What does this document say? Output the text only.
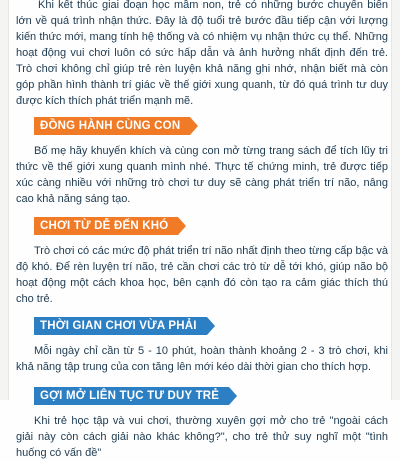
Khi kết thúc giai đoạn học mầm non, trẻ có những bước chuyển biến lớn về quá trình nhận thức. Đây là độ tuổi trẻ bước đầu tiếp cận với lượng kiến thức mới, mang tính hệ thống và có nhiệm vụ nhận thức cụ thể. Những hoạt động vui chơi luôn có sức hấp dẫn và ảnh hưởng nhất định đến trẻ. Trò chơi không chỉ giúp trẻ rèn luyện khả năng ghi nhớ, nhận biết mà còn góp phần hình thành trí giác về thế giới xung quanh, từ đó quá trình tư duy được kích thích phát triển mạnh mẽ.

ĐỒNG HÀNH CÙNG CON

Bố mẹ hãy khuyến khích và cùng con mở từng trang sách để tích lũy tri thức về thế giới xung quanh mình nhé. Thực tế chứng minh, trẻ được tiếp xúc càng nhiều với những trò chơi tư duy sẽ càng phát triển trí não, nâng cao khả năng sáng tạo.

CHƠI TỪ DỄ ĐẾN KHÓ

Trò chơi có các mức độ phát triển trí não nhất định theo từng cấp bậc và độ khó. Để rèn luyện trí não, trẻ cần chơi các trò từ dễ tới khó, giúp não bộ hoạt động một cách khoa học, bên cạnh đó còn tạo ra cảm giác thích thú cho trẻ.

THỜI GIAN CHƠI VỪA PHẢI

Mỗi ngày chỉ cần từ 5 - 10 phút, hoàn thành khoảng 2 - 3 trò chơi, khi khả năng tập trung của con tăng lên mới kéo dài thời gian cho thích hợp.

GỢI MỞ LIÊN TỤC TƯ DUY TRẺ

Khi trẻ học tập và vui chơi, thường xuyên gợi mở cho trẻ "ngoài cách giải này còn cách giải nào khác không?", cho trẻ thử suy nghĩ một "tình huống có vấn đề"
